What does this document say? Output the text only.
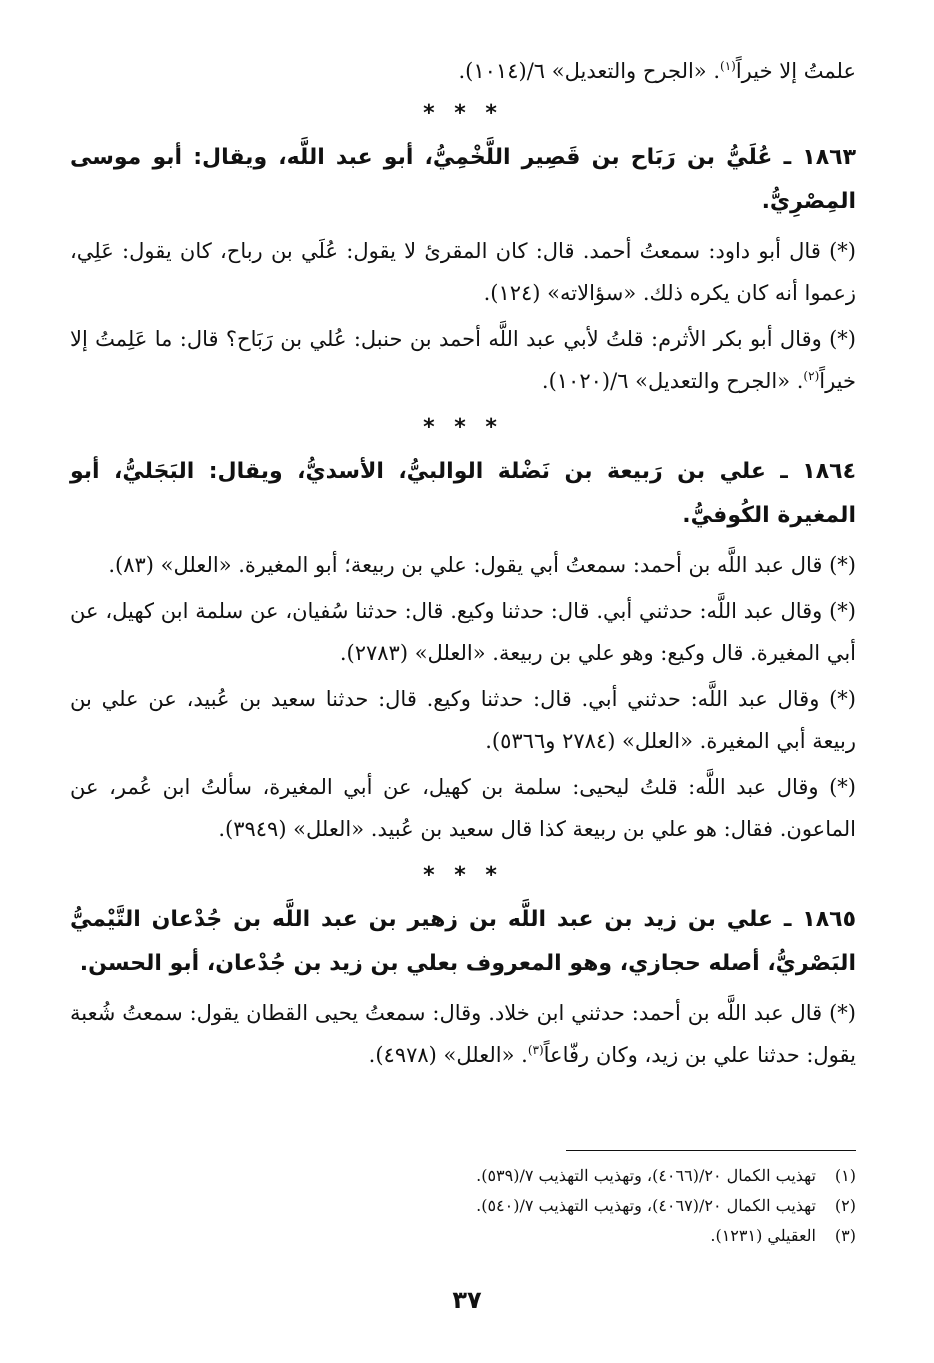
علمتُ إلا خيراً$^{(١)}$. «الجرح والتعديل» ٦/(١٠١٤).

* * *
١٨٦٣ ـ عُلَيُّ بن رَبَاح بن قَصِير اللَّخْمِيُّ، أبو عبد اللَّه، ويقال: أبو موسى المِصْرِيُّ.

(*) قال أبو داود: سمعتُ أحمد. قال: كان المقرئ لا يقول: عُلَي بن رباح، كان يقول: عَلِي، زعموا أنه كان يكره ذلك. «سؤالاته» (١٢٤).

(*) وقال أبو بكر الأثرم: قلتُ لأبي عبد اللَّه أحمد بن حنبل: عُلي بن رَبَاح؟ قال: ما عَلِمتُ إلا خيراً$^{(٢)}$. «الجرح والتعديل» ٦/(١٠٢٠).

* * *
١٨٦٤ ـ علي بن رَبيعة بن نَضْلة الوالبيُّ، الأسديُّ، ويقال: البَجَليُّ، أبو المغيرة الكُوفيُّ.

(*) قال عبد اللَّه بن أحمد: سمعتُ أبي يقول: علي بن ربيعة؛ أبو المغيرة. «العلل» (٨٣).

(*) وقال عبد اللَّه: حدثني أبي. قال: حدثنا وكيع. قال: حدثنا سُفيان، عن سلمة ابن كهيل، عن أبي المغيرة. قال وكيع: وهو علي بن ربيعة. «العلل» (٢٧٨٣).

(*) وقال عبد اللَّه: حدثني أبي. قال: حدثنا وكيع. قال: حدثنا سعيد بن عُبيد، عن علي بن ربيعة أبي المغيرة. «العلل» (٢٧٨٤ و٥٣٦٦).

(*) وقال عبد اللَّه: قلتُ ليحيى: سلمة بن كهيل، عن أبي المغيرة، سألتُ ابن عُمر، عن الماعون. فقال: هو علي بن ربيعة كذا قال سعيد بن عُبيد. «العلل» (٣٩٤٩).

* * *
١٨٦٥ ـ علي بن زيد بن عبد اللَّه بن زهير بن عبد اللَّه بن جُدْعان التَّيْميُّ البَصْريُّ، أصله حجازي، وهو المعروف بعلي بن زيد بن جُدْعان، أبو الحسن.

(*) قال عبد اللَّه بن أحمد: حدثني ابن خلاد. وقال: سمعتُ يحيى القطان يقول: سمعتُ شُعبة يقول: حدثنا علي بن زيد، وكان رفّاعاً$^{(٣)}$. «العلل» (٤٩٧٨).

(١)تهذيب الكمال ٢٠/(٤٠٦٦)، وتهذيب التهذيب ٧/(٥٣٩).
(٢)تهذيب الكمال ٢٠/(٤٠٦٧)، وتهذيب التهذيب ٧/(٥٤٠).
(٣)العقيلي (١٢٣١).
٣٧
